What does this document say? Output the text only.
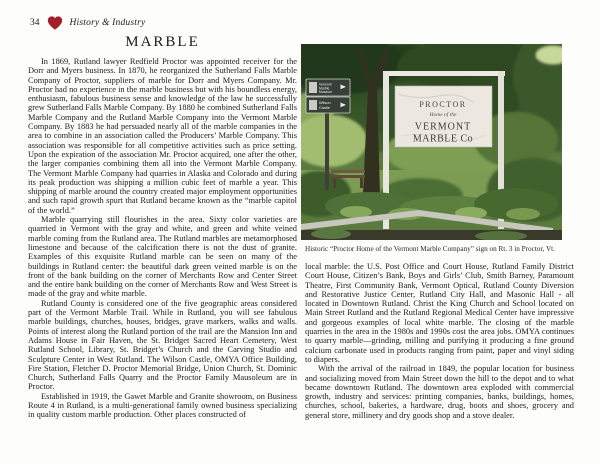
34	History & Industry
MARBLE

In 1869, Rutland lawyer Redfield Proctor was appointed receiver for the Dorr and Myers business. In 1870, he reorganized the Sutherland Falls Marble Company of Proctor, suppliers of marble for Dorr and Myers Company. Mr. Proctor had no experience in the marble business but with his boundless energy, enthusiasm, fabulous business sense and knowledge of the law he successfully grew Sutherland Falls Marble Company. By 1880 he combined Sutherland Falls Marble Company and the Rutland Marble Company into the Vermont Marble Company. By 1883 he had persuaded nearly all of the marble companies in the area to combine in an association called the Producers’ Marble Company. This association was responsible for all competitive activities such as price setting. Upon the expiration of the association Mr. Proctor acquired, one after the other, the larger companies combining them all into the Vermont Marble Company. The Vermont Marble Company had quarries in Alaska and Colorado and during its peak production was shipping a million cubic feet of marble a year. This shipping of marble around the country created major employment opportunities and such rapid growth spurt that Rutland became known as the “marble capitol of the world.”

Marble quarrying still flourishes in the area. Sixty color varieties are quarried in Vermont with the gray and white, and green and white veined marble coming from the Rutland area. The Rutland marbles are metamorphosed limestone and because of the calcification there is not the dust of granite. Examples of this exquisite Rutland marble can be seen on many of the buildings in Rutland center: the beautiful dark green veined marble is on the front of the bank building on the corner of Merchants Row and Center Street and the entire bank building on the corner of Merchants Row and West Street is made of the gray and white marble.

Rutland County is considered one of the five geographic areas considered part of the Vermont Marble Trail. While in Rutland, you will see fabulous marble buildings, churches, houses, bridges, grave markers, walks and walls. Points of interest along the Rutland portion of the trail are the Mansion Inn and Adams House in Fair Haven, the St. Bridget Sacred Heart Cemetery, West Rutland School, Library, St. Bridget’s Church and the Carving Studio and Sculpture Center in West Rutland. The Wilson Castle, OMYA Office Building, Fire Station, Fletcher D. Proctor Memorial Bridge, Union Church, St. Dominic Church, Sutherland Falls Quarry and the Proctor Family Mausoleum are in Proctor.

Established in 1919, the Gawet Marble and Granite showroom, on Business Route 4 in Rutland, is a multi-generational family owned business specializing in quality custom marble production. Other places constructed of

Vermont
Marble
Museum
Wilson
Castle	PROCTOR
Home of the
VERMONT
MARBLE Co
Historic “Proctor Home of the Vermont Marble Company” sign on Rt. 3 in Proctor, Vt.

local marble: the U.S. Post Office and Court House, Rutland Family District Court House, Citizen’s Bank, Boys and Girls’ Club, Smith Barney, Paramount Theatre, First Community Bank, Vermont Optical, Rutland County Diversion and Restorative Justice Center, Rutland City Hall, and Masonic Hall - all located in Downtown Rutland. Christ the King Church and School located on Main Street Rutland and the Rutland Regional Medical Center have impressive and gorgeous examples of local white marble. The closing of the marble quarries in the area in the 1980s and 1990s cost the area jobs. OMYA continues to quarry marble—grinding, milling and purifying it producing a fine ground calcium carbonate used in products ranging from paint, paper and vinyl siding to diapers.

With the arrival of the railroad in 1849, the popular location for business and socializing moved from Main Street down the hill to the depot and to what became downtown Rutland. The downtown area exploded with commercial growth, industry and services: printing companies, banks, buildings, homes, churches, school, bakeries, a hardware, drug, boots and shoes, grocery and general store, millinery and dry goods shop and a stove dealer.
